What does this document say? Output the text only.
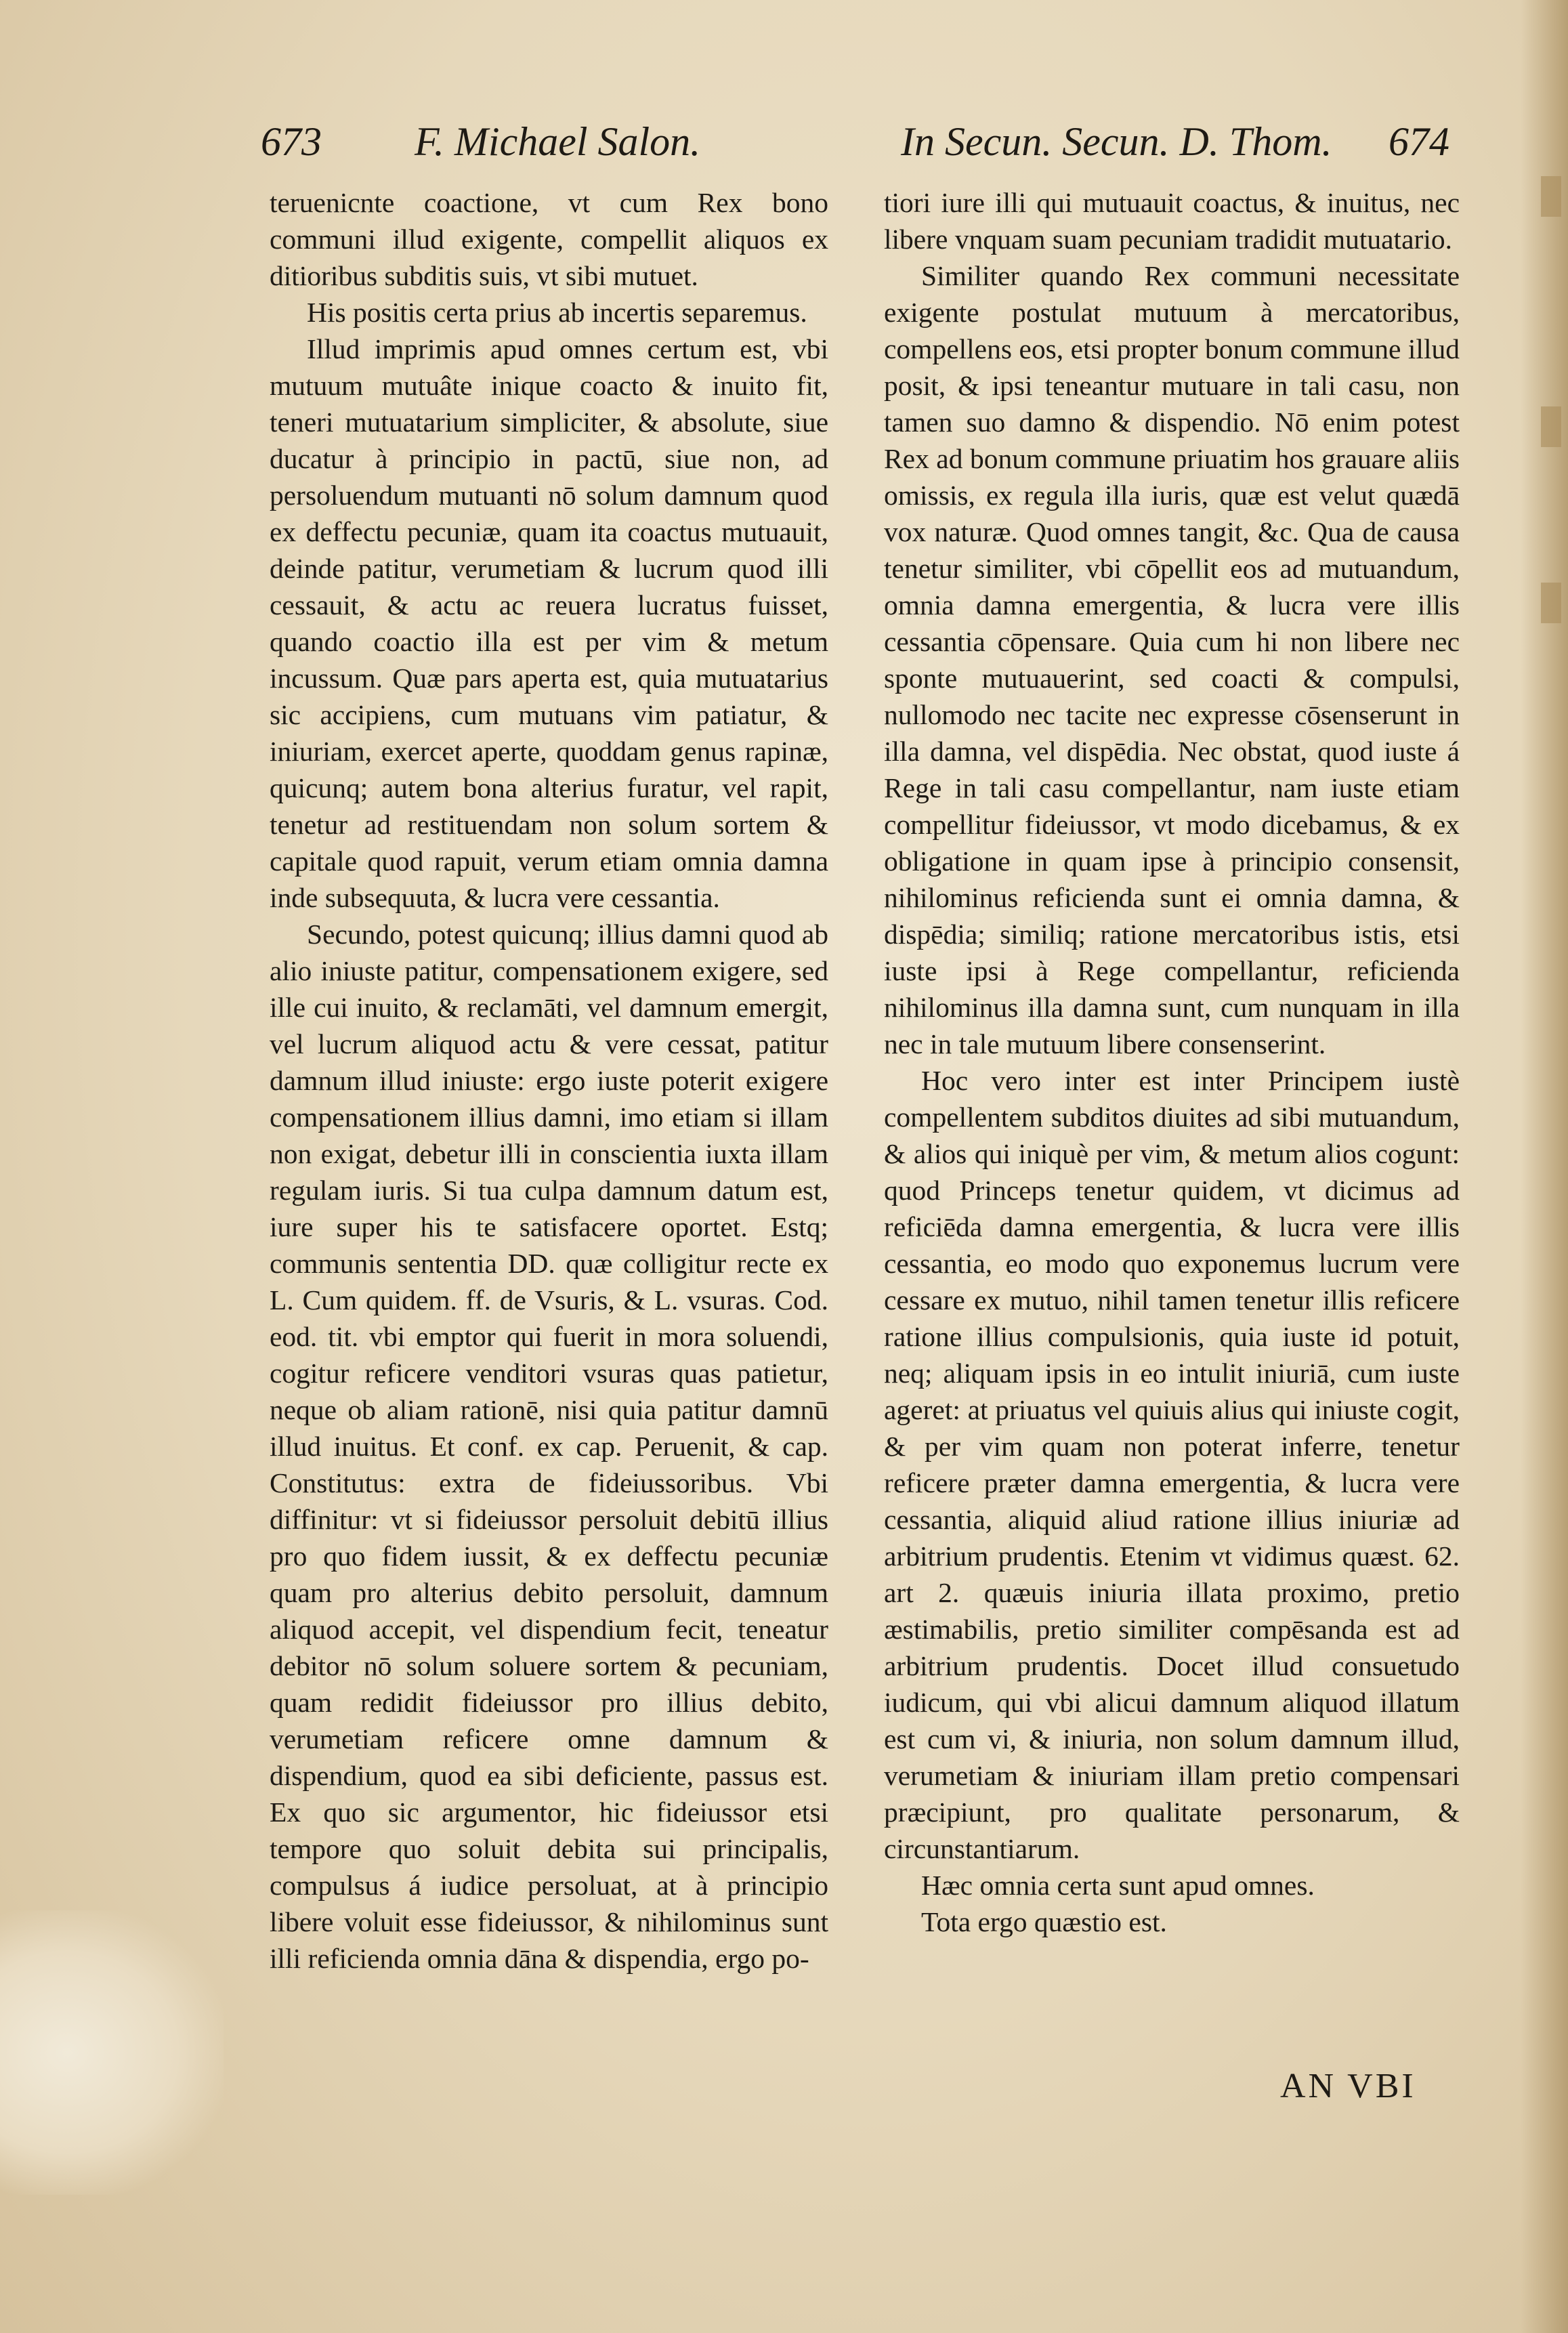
673 F. Michael Salon.	In Secun. Secun. D. Thom. 674

teruenicnte coactione, vt cum Rex bono communi illud exigente, compellit aliquos ex ditioribus subditis suis, vt sibi mutuet.

His positis certa prius ab incertis separemus.

Illud imprimis apud omnes certum est, vbi mutuum mutuâte inique coacto & inuito fit, teneri mutuatarium simpliciter, & absolute, siue ducatur à principio in pactū, siue non, ad persoluendum mutuanti nō solum damnum quod ex deffectu pecuniæ, quam ita coactus mutuauit, deinde patitur, verumetiam & lucrum quod illi cessauit, & actu ac reuera lucratus fuisset, quando coactio illa est per vim & metum incussum. Quæ pars aperta est, quia mutuatarius sic accipiens, cum mutuans vim patiatur, & iniuriam, exercet aperte, quoddam genus rapinæ, quicunq; autem bona alterius furatur, vel rapit, tenetur ad restituendam non solum sortem & capitale quod rapuit, verum etiam omnia damna inde subsequuta, & lucra vere cessantia.

Secundo, potest quicunq; illius damni quod ab alio iniuste patitur, compensationem exigere, sed ille cui inuito, & reclamāti, vel damnum emergit, vel lucrum aliquod actu & vere cessat, patitur damnum illud iniuste: ergo iuste poterit exigere compensationem illius damni, imo etiam si illam non exigat, debetur illi in conscientia iuxta illam regulam iuris. Si tua culpa damnum datum est, iure super his te satisfacere oportet. Estq; communis sententia DD. quæ colligitur recte ex L. Cum quidem. ff. de Vsuris, & L. vsuras. Cod. eod. tit. vbi emptor qui fuerit in mora soluendi, cogitur reficere venditori vsuras quas patietur, neque ob aliam rationē, nisi quia patitur damnū illud inuitus. Et conf. ex cap. Peruenit, & cap. Constitutus: extra de fideiussoribus. Vbi diffinitur: vt si fideiussor persoluit debitū illius pro quo fidem iussit, & ex deffectu pecuniæ quam pro alterius debito persoluit, damnum aliquod accepit, vel dispendium fecit, teneatur debitor nō solum soluere sortem & pecuniam, quam redidit fideiussor pro illius debito, verumetiam reficere omne damnum & dispendium, quod ea sibi deficiente, passus est. Ex quo sic argumentor, hic fideiussor etsi tempore quo soluit debita sui principalis, compulsus á iudice persoluat, at à principio libere voluit esse fideiussor, & nihilominus sunt illi reficienda omnia dāna & dispendia, ergo po-

tiori iure illi qui mutuauit coactus, & inuitus, nec libere vnquam suam pecuniam tradidit mutuatario.

Similiter quando Rex communi necessitate exigente postulat mutuum à mercatoribus, compellens eos, etsi propter bonum commune illud posit, & ipsi teneantur mutuare in tali casu, non tamen suo damno & dispendio. Nō enim potest Rex ad bonum commune priuatim hos grauare aliis omissis, ex regula illa iuris, quæ est velut quædā vox naturæ. Quod omnes tangit, &c. Qua de causa tenetur similiter, vbi cōpellit eos ad mutuandum, omnia damna emergentia, & lucra vere illis cessantia cōpensare. Quia cum hi non libere nec sponte mutuauerint, sed coacti & compulsi, nullomodo nec tacite nec expresse cōsenserunt in illa damna, vel dispēdia. Nec obstat, quod iuste á Rege in tali casu compellantur, nam iuste etiam compellitur fideiussor, vt modo dicebamus, & ex obligatione in quam ipse à principio consensit, nihilominus reficienda sunt ei omnia damna, & dispēdia; similiq; ratione mercatoribus istis, etsi iuste ipsi à Rege compellantur, reficienda nihilominus illa damna sunt, cum nunquam in illa nec in tale mutuum libere consenserint.

Hoc vero inter est inter Principem iustè compellentem subditos diuites ad sibi mutuandum, & alios qui iniquè per vim, & metum alios cogunt: quod Princeps tenetur quidem, vt dicimus ad reficiēda damna emergentia, & lucra vere illis cessantia, eo modo quo exponemus lucrum vere cessare ex mutuo, nihil tamen tenetur illis reficere ratione illius compulsionis, quia iuste id potuit, neq; aliquam ipsis in eo intulit iniuriā, cum iuste ageret: at priuatus vel quiuis alius qui iniuste cogit, & per vim quam non poterat inferre, tenetur reficere præter damna emergentia, & lucra vere cessantia, aliquid aliud ratione illius iniuriæ ad arbitrium prudentis. Etenim vt vidimus quæst. 62. art 2. quæuis iniuria illata proximo, pretio æstimabilis, pretio similiter compēsanda est ad arbitrium prudentis. Docet illud consuetudo iudicum, qui vbi alicui damnum aliquod illatum est cum vi, & iniuria, non solum damnum illud, verumetiam & iniuriam illam pretio compensari præcipiunt, pro qualitate personarum, & circunstantiarum.

Hæc omnia certa sunt apud omnes.

Tota ergo quæstio est.

AN VBI
